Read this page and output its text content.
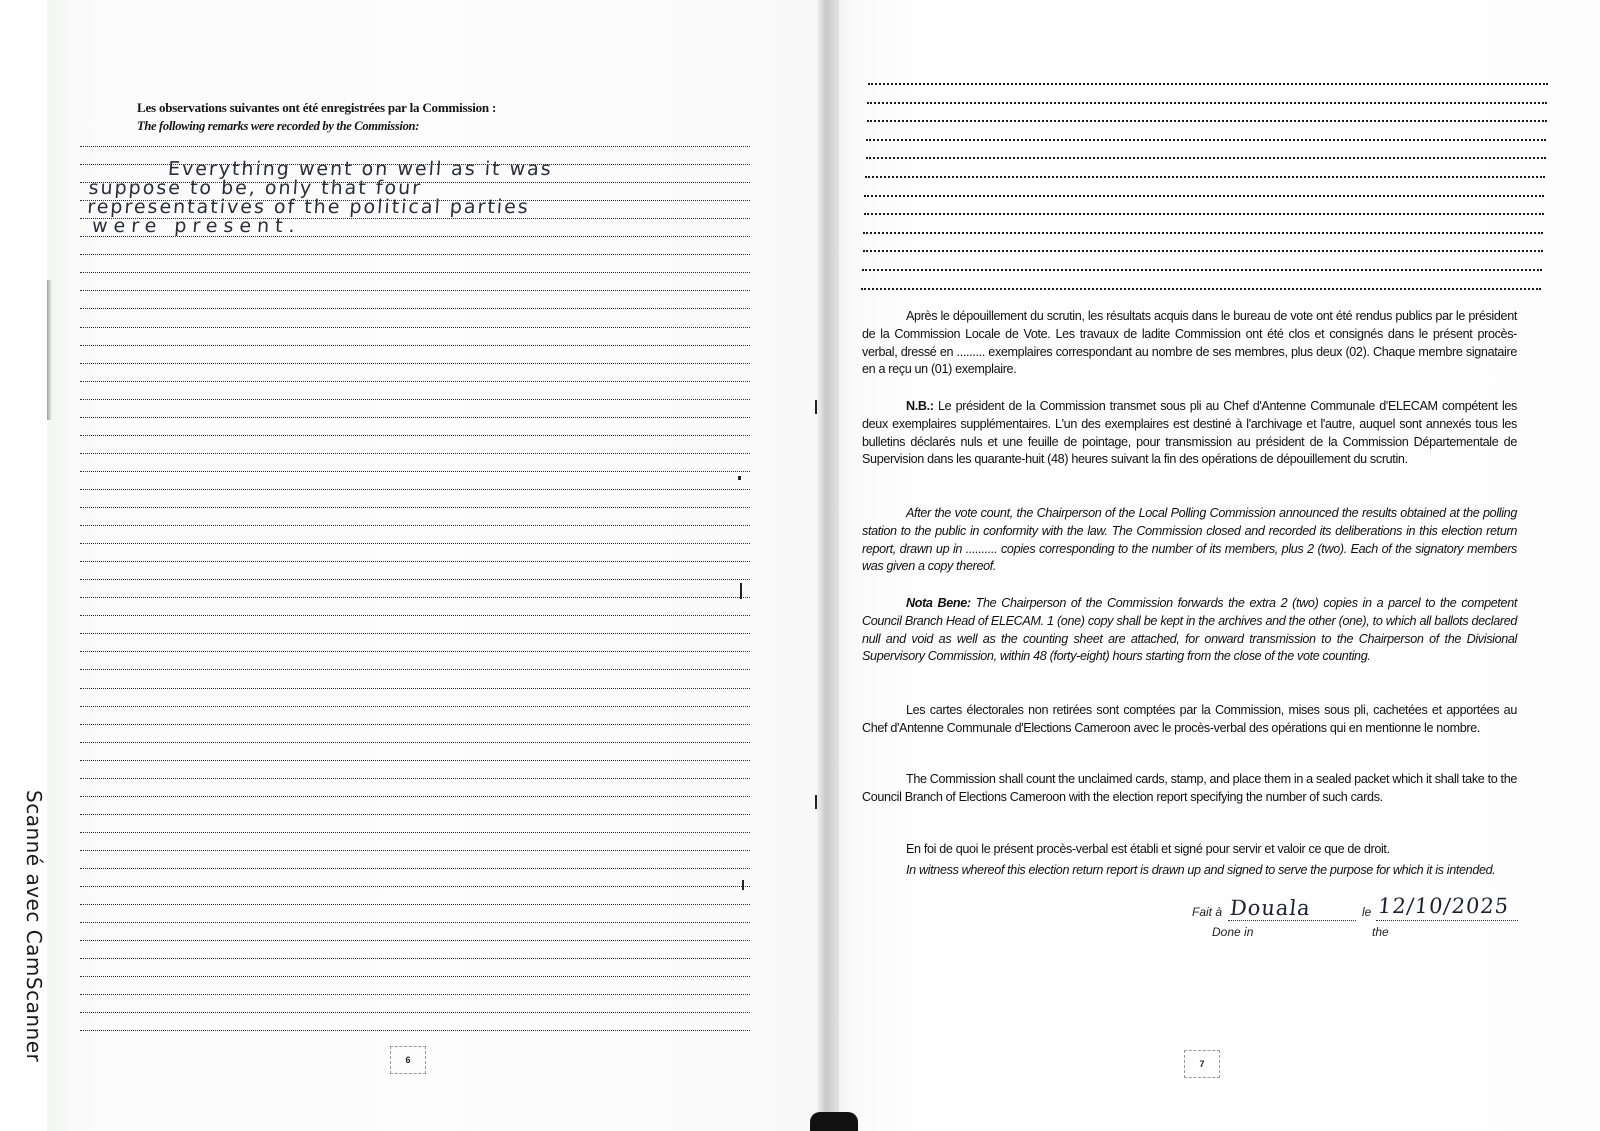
Scanné avec CamScanner
Les observations suivantes ont été enregistrées par la Commission :
The following remarks were recorded by the Commission:
Everything went on well as it was
suppose to be, only that four
representatives of the political parties
were present.
6
Après le dépouillement du scrutin, les résultats acquis dans le bureau de vote ont été rendus publics par le président de la Commission Locale de Vote. Les travaux de ladite Commission ont été clos et consignés dans le présent procès-verbal, dressé en ......... exemplaires correspondant au nombre de ses membres, plus deux (02). Chaque membre signataire en a reçu un (01) exemplaire.
N.B.: Le président de la Commission transmet sous pli au Chef d'Antenne Communale d'ELECAM compétent les deux exemplaires supplémentaires. L'un des exemplaires est destiné à l'archivage et l'autre, auquel sont annexés tous les bulletins déclarés nuls et une feuille de pointage, pour transmission au président de la Commission Départementale de Supervision dans les quarante-huit (48) heures suivant la fin des opérations de dépouillement du scrutin.
After the vote count, the Chairperson of the Local Polling Commission announced the results obtained at the polling station to the public in conformity with the law. The Commission closed and recorded its deliberations in this election return report, drawn up in .......... copies corresponding to the number of its members, plus 2 (two). Each of the signatory members was given a copy thereof.
Nota Bene: The Chairperson of the Commission forwards the extra 2 (two) copies in a parcel to the competent Council Branch Head of ELECAM. 1 (one) copy shall be kept in the archives and the other (one), to which all ballots declared null and void as well as the counting sheet are attached, for onward transmission to the Chairperson of the Divisional Supervisory Commission, within 48 (forty-eight) hours starting from the close of the vote counting.
Les cartes électorales non retirées sont comptées par la Commission, mises sous pli, cachetées et apportées au Chef d'Antenne Communale d'Elections Cameroon avec le procès-verbal des opérations qui en mentionne le nombre.
The Commission shall count the unclaimed cards, stamp, and place them in a sealed packet which it shall take to the Council Branch of Elections Cameroon with the election report specifying the number of such cards.
En foi de quoi le présent procès-verbal est établi et signé pour servir et valoir ce que de droit.
In witness whereof this election return report is drawn up and signed to serve the purpose for which it is intended.
Fait à Douala
Done in
le 12/10/2025
the
7
